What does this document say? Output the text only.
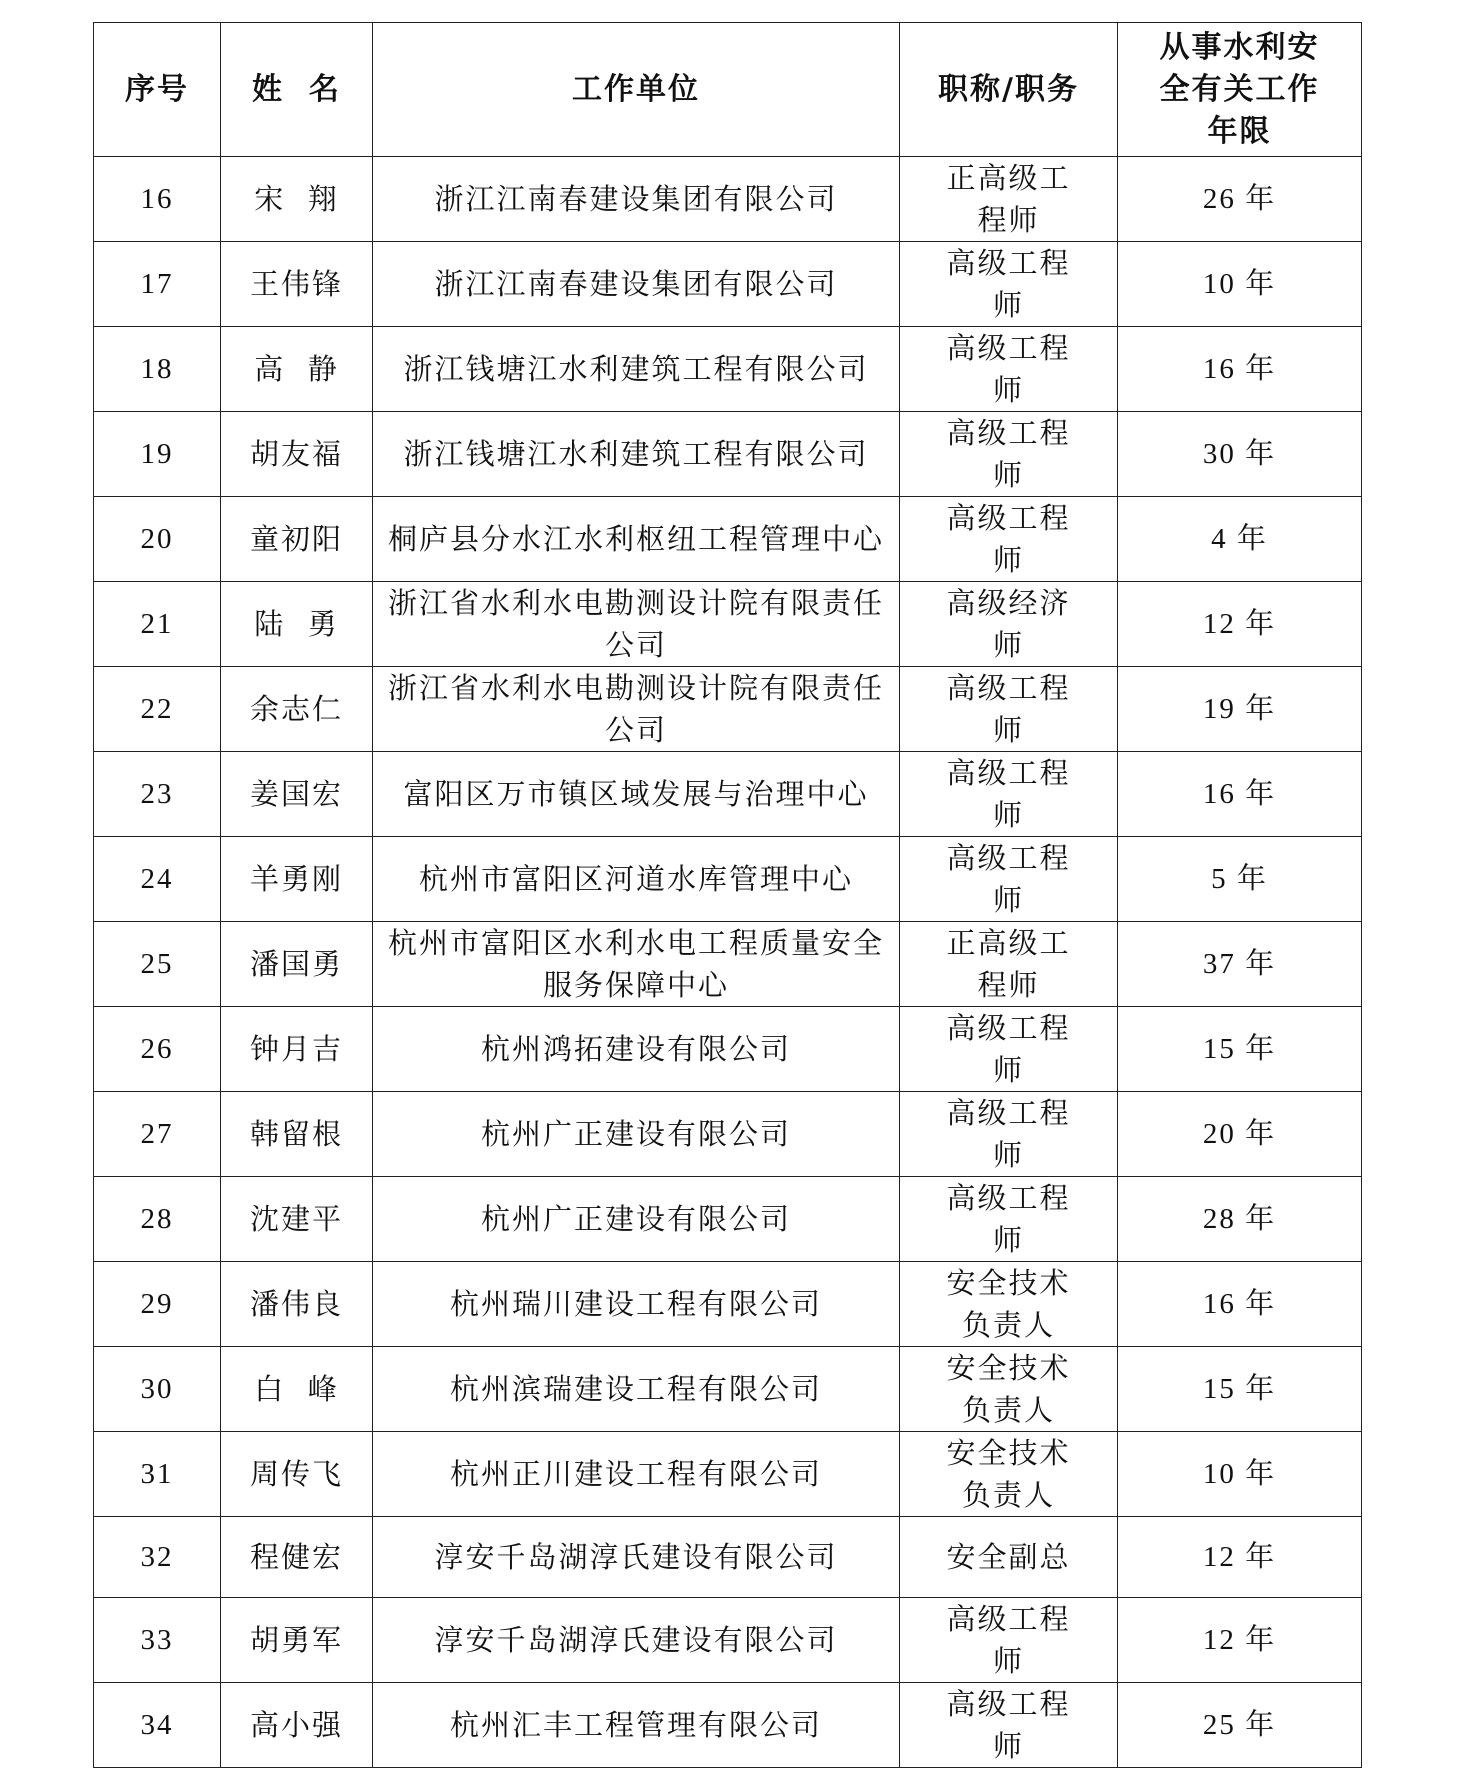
序号	姓  名	工作单位	职称/职务	从事水利安全有关工作年限
16	宋  翔	浙江江南春建设集团有限公司	正高级工程师	26 年
17	王伟锋	浙江江南春建设集团有限公司	高级工程师	10 年
18	高  静	浙江钱塘江水利建筑工程有限公司	高级工程师	16 年
19	胡友福	浙江钱塘江水利建筑工程有限公司	高级工程师	30 年
20	童初阳	桐庐县分水江水利枢纽工程管理中心	高级工程师	4 年
21	陆  勇	浙江省水利水电勘测设计院有限责任公司	高级经济师	12 年
22	余志仁	浙江省水利水电勘测设计院有限责任公司	高级工程师	19 年
23	姜国宏	富阳区万市镇区域发展与治理中心	高级工程师	16 年
24	羊勇刚	杭州市富阳区河道水库管理中心	高级工程师	5 年
25	潘国勇	杭州市富阳区水利水电工程质量安全服务保障中心	正高级工程师	37 年
26	钟月吉	杭州鸿拓建设有限公司	高级工程师	15 年
27	韩留根	杭州广正建设有限公司	高级工程师	20 年
28	沈建平	杭州广正建设有限公司	高级工程师	28 年
29	潘伟良	杭州瑞川建设工程有限公司	安全技术负责人	16 年
30	白  峰	杭州滨瑞建设工程有限公司	安全技术负责人	15 年
31	周传飞	杭州正川建设工程有限公司	安全技术负责人	10 年
32	程健宏	淳安千岛湖淳氏建设有限公司	安全副总	12 年
33	胡勇军	淳安千岛湖淳氏建设有限公司	高级工程师	12 年
34	高小强	杭州汇丰工程管理有限公司	高级工程师	25 年
